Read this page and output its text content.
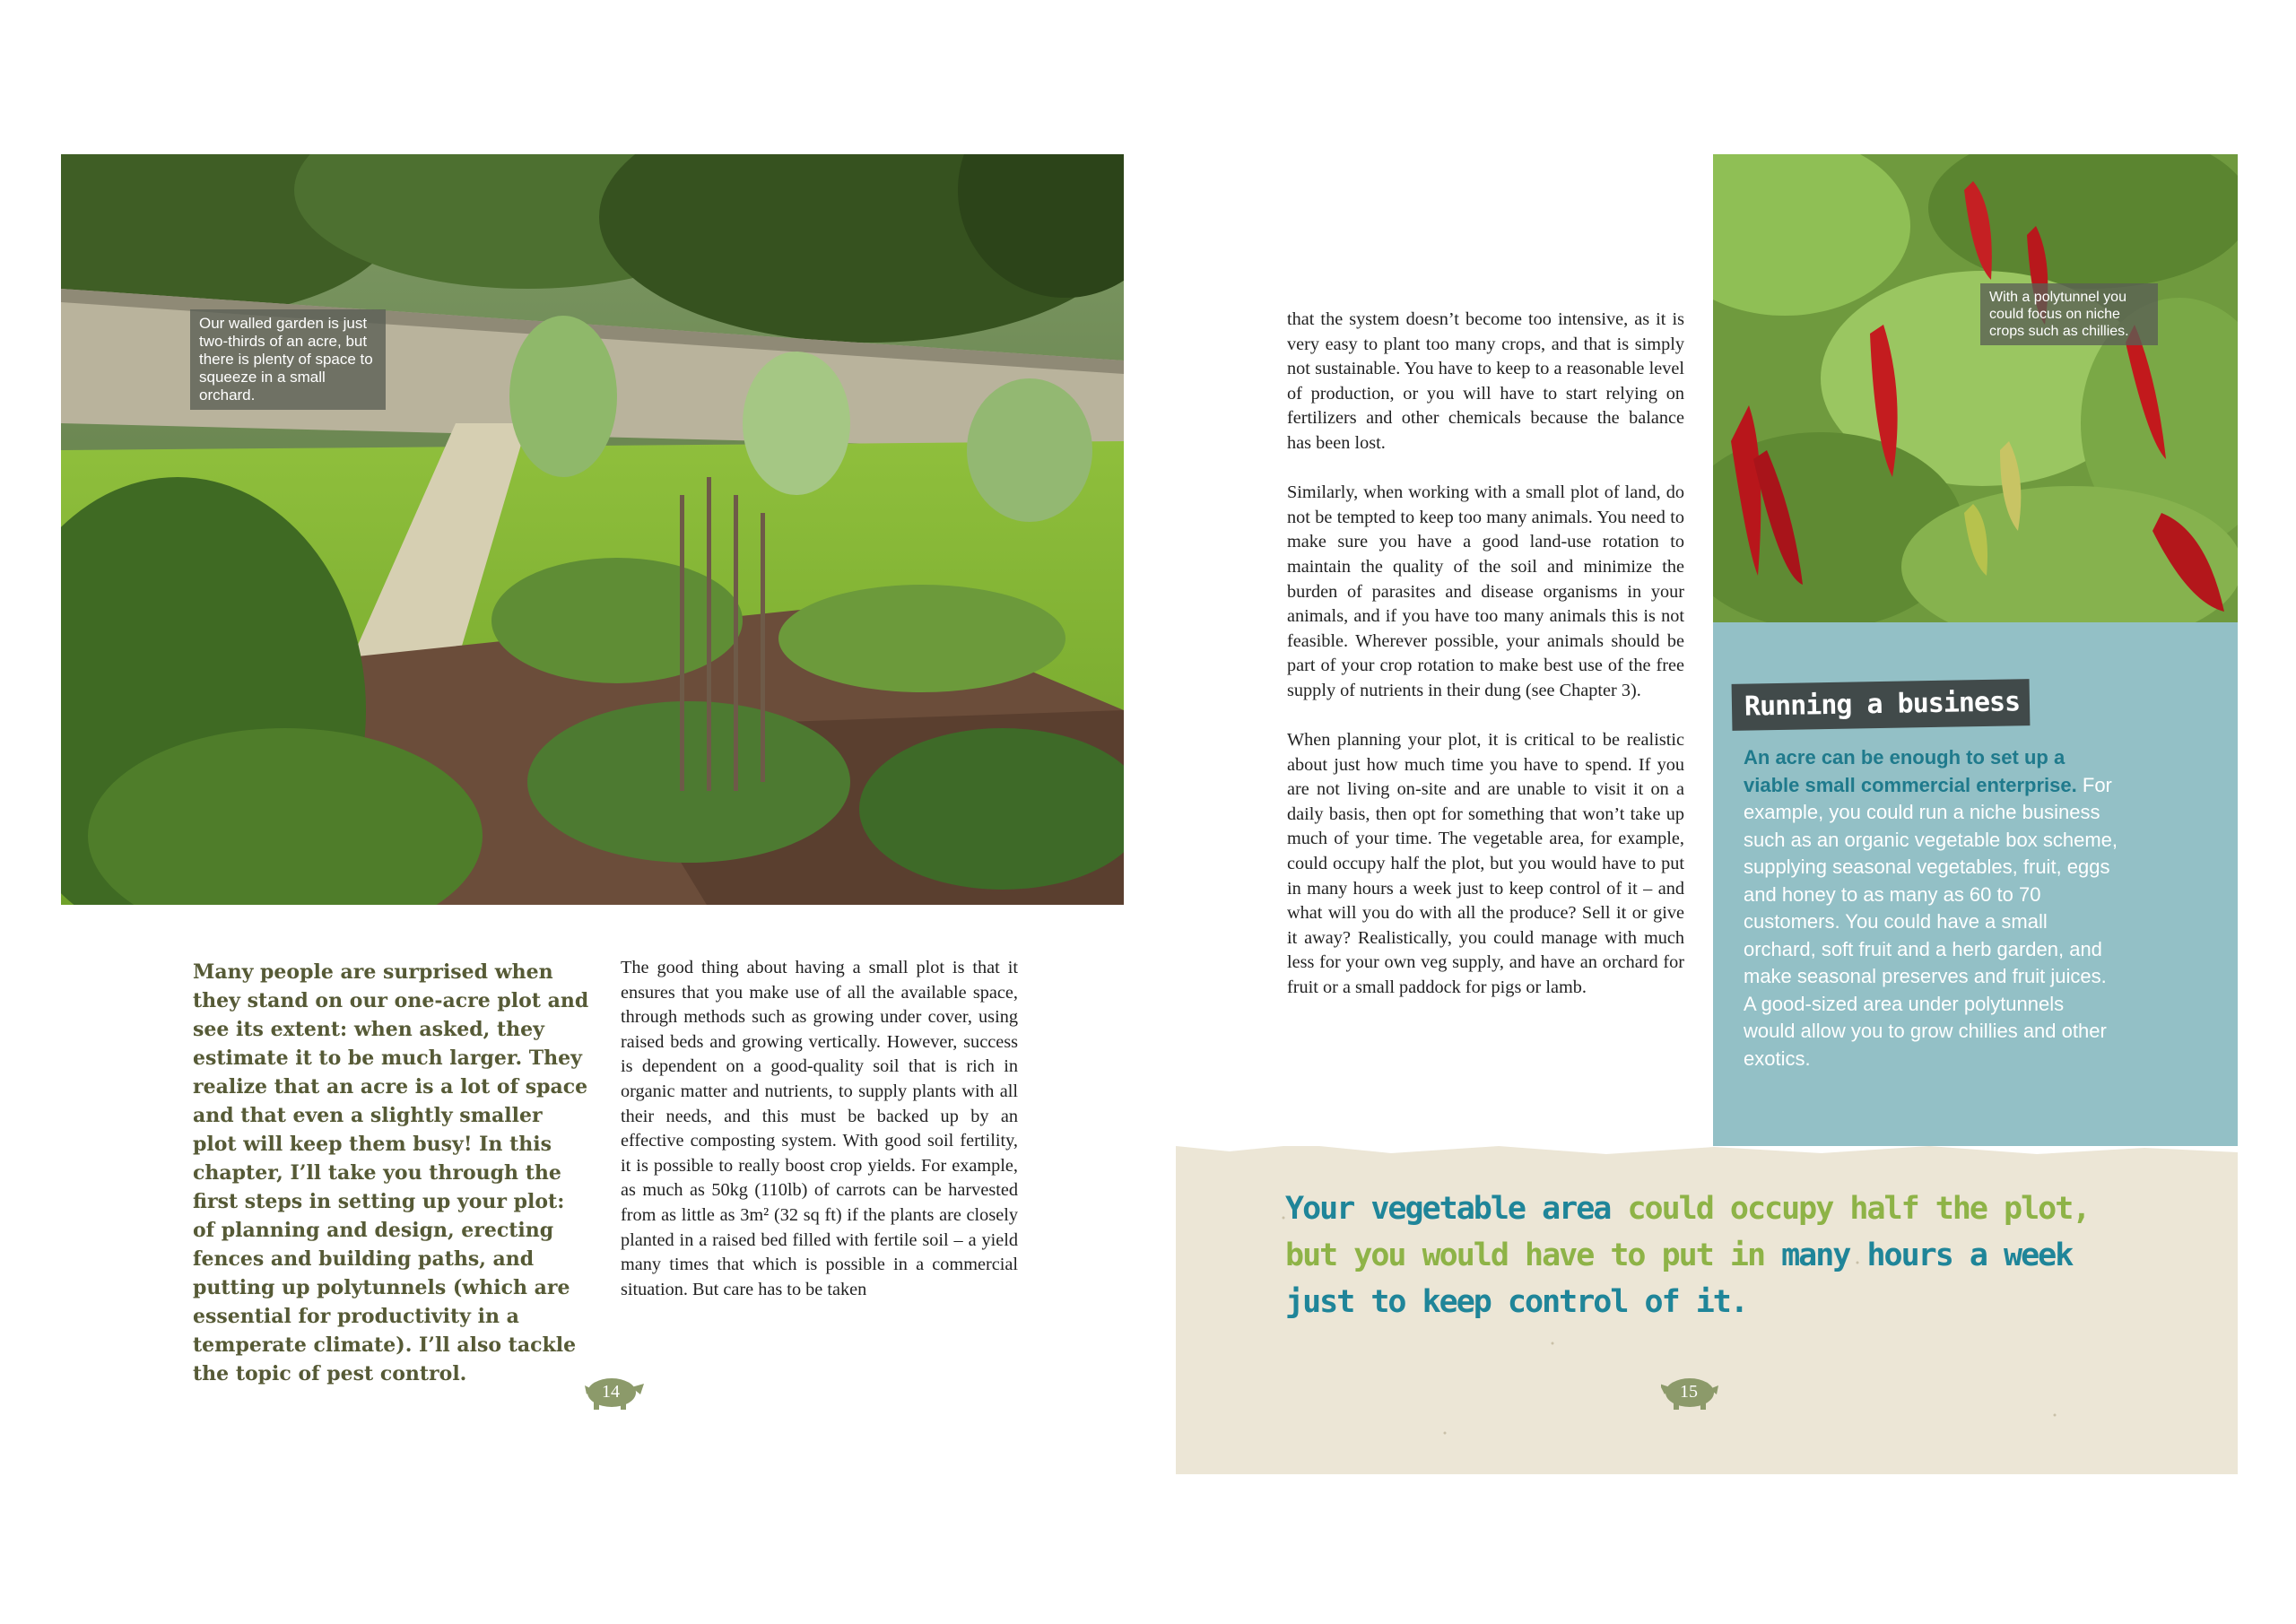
Our walled garden is just two-thirds of an acre, but there is plenty of space to squeeze in a small orchard.
Many people are surprised when they stand on our one-acre plot and see its extent: when asked, they estimate it to be much larger. They realize that an acre is a lot of space and that even a slightly smaller plot will keep them busy! In this chapter, I’ll take you through the first steps in setting up your plot: of planning and design, erecting fences and building paths, and putting up polytunnels (which are essential for productivity in a temperate climate). I’ll also tackle the topic of pest control.

The good thing about having a small plot is that it ensures that you make use of all the available space, through methods such as growing under cover, using raised beds and growing vertically. However, success is dependent on a good-quality soil that is rich in organic matter and nutrients, to supply plants with all their needs, and this must be backed up by an effective composting system. With good soil fertility, it is possible to really boost crop yields. For example, as much as 50kg (110lb) of carrots can be harvested from as little as 3m² (32 sq ft) if the plants are closely planted in a raised bed filled with fertile soil – a yield many times that which is possible in a commercial situation. But care has to be taken

14

that the system doesn’t become too intensive, as it is very easy to plant too many crops, and that is simply not sustainable. You have to keep to a reasonable level of production, or you will have to start relying on fertilizers and other chemicals because the balance has been lost.

Similarly, when working with a small plot of land, do not be tempted to keep too many animals. You need to make sure you have a good land-use rotation to maintain the quality of the soil and minimize the burden of parasites and disease organisms in your animals, and if you have too many animals this is not feasible. Wherever possible, your animals should be part of your crop rotation to make best use of the free supply of nutrients in their dung (see Chapter 3).

When planning your plot, it is critical to be realistic about just how much time you have to spend. If you are not living on-site and are unable to visit it on a daily basis, then opt for something that won’t take up much of your time. The vegetable area, for example, could occupy half the plot, but you would have to put in many hours a week just to keep control of it – and what will you do with all the produce? Sell it or give it away? Realistically, you could manage with much less for your own veg supply, and have an orchard for fruit or a small paddock for pigs or lamb.

With a polytunnel you could focus on niche crops such as chillies.
Running a business
An acre can be enough to set up a viable small commercial enterprise. For example, you could run a niche business such as an organic vegetable box scheme, supplying seasonal vegetables, fruit, eggs and honey to as many as 60 to 70 customers. You could have a small orchard, soft fruit and a herb garden, and make seasonal preserves and fruit juices. A good-sized area under polytunnels would allow you to grow chillies and other exotics.
Your vegetable area could occupy half the plot, but you would have to put in many hours a week just to keep control of it.
15
